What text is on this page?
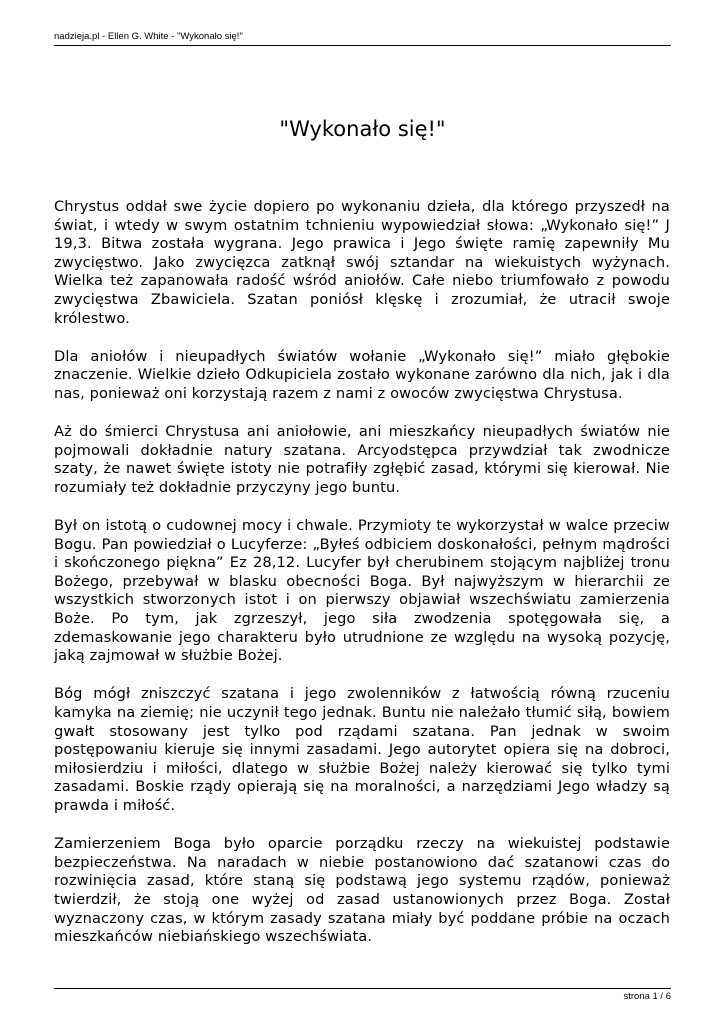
nadzieja.pl - Ellen G. White - "Wykonało się!"
"Wykonało się!"

Chrystus oddał swe życie dopiero po wykonaniu dzieła, dla którego przyszedł na świat, i wtedy w swym ostatnim tchnieniu wypowiedział słowa: „Wykonało się!” J 19,3. Bitwa została wygrana. Jego prawica i Jego święte ramię zapewniły Mu zwycięstwo. Jako zwycięzca zatknął swój sztandar na wiekuistych wyżynach. Wielka też zapanowała radość wśród aniołów. Całe niebo triumfowało z powodu zwycięstwa Zbawiciela. Szatan poniósł klęskę i zrozumiał, że utracił swoje królestwo.

Dla aniołów i nieupadłych światów wołanie „Wykonało się!” miało głębokie znaczenie. Wielkie dzieło Odkupiciela zostało wykonane zarówno dla nich, jak i dla nas, ponieważ oni korzystają razem z nami z owoców zwycięstwa Chrystusa.

Aż do śmierci Chrystusa ani aniołowie, ani mieszkańcy nieupadłych światów nie pojmowali dokładnie natury szatana. Arcyodstępca przywdział tak zwodnicze szaty, że nawet święte istoty nie potrafiły zgłębić zasad, którymi się kierował. Nie rozumiały też dokładnie przyczyny jego buntu.

Był on istotą o cudownej mocy i chwale. Przymioty te wykorzystał w walce przeciw Bogu. Pan powiedział o Lucyferze: „Byłeś odbiciem doskonałości, pełnym mądrości i skończonego piękna” Ez 28,12. Lucyfer był cherubinem stojącym najbliżej tronu Bożego, przebywał w blasku obecności Boga. Był najwyższym w hierarchii ze wszystkich stworzonych istot i on pierwszy objawiał wszechświatu zamierzenia Boże. Po tym, jak zgrzeszył, jego siła zwodzenia spotęgowała się, a zdemaskowanie jego charakteru było utrudnione ze względu na wysoką pozycję, jaką zajmował w służbie Bożej.

Bóg mógł zniszczyć szatana i jego zwolenników z łatwością równą rzuceniu kamyka na ziemię; nie uczynił tego jednak. Buntu nie należało tłumić siłą, bowiem gwałt stosowany jest tylko pod rządami szatana. Pan jednak w swoim postępowaniu kieruje się innymi zasadami. Jego autorytet opiera się na dobroci, miłosierdziu i miłości, dlatego w służbie Bożej należy kierować się tylko tymi zasadami. Boskie rządy opierają się na moralności, a narzędziami Jego władzy są prawda i miłość.

Zamierzeniem Boga było oparcie porządku rzeczy na wiekuistej podstawie bezpieczeństwa. Na naradach w niebie postanowiono dać szatanowi czas do rozwinięcia zasad, które staną się podstawą jego systemu rządów, ponieważ twierdził, że stoją one wyżej od zasad ustanowionych przez Boga. Został wyznaczony czas, w którym zasady szatana miały być poddane próbie na oczach mieszkańców niebiańskiego wszechświata.

strona 1 / 6
